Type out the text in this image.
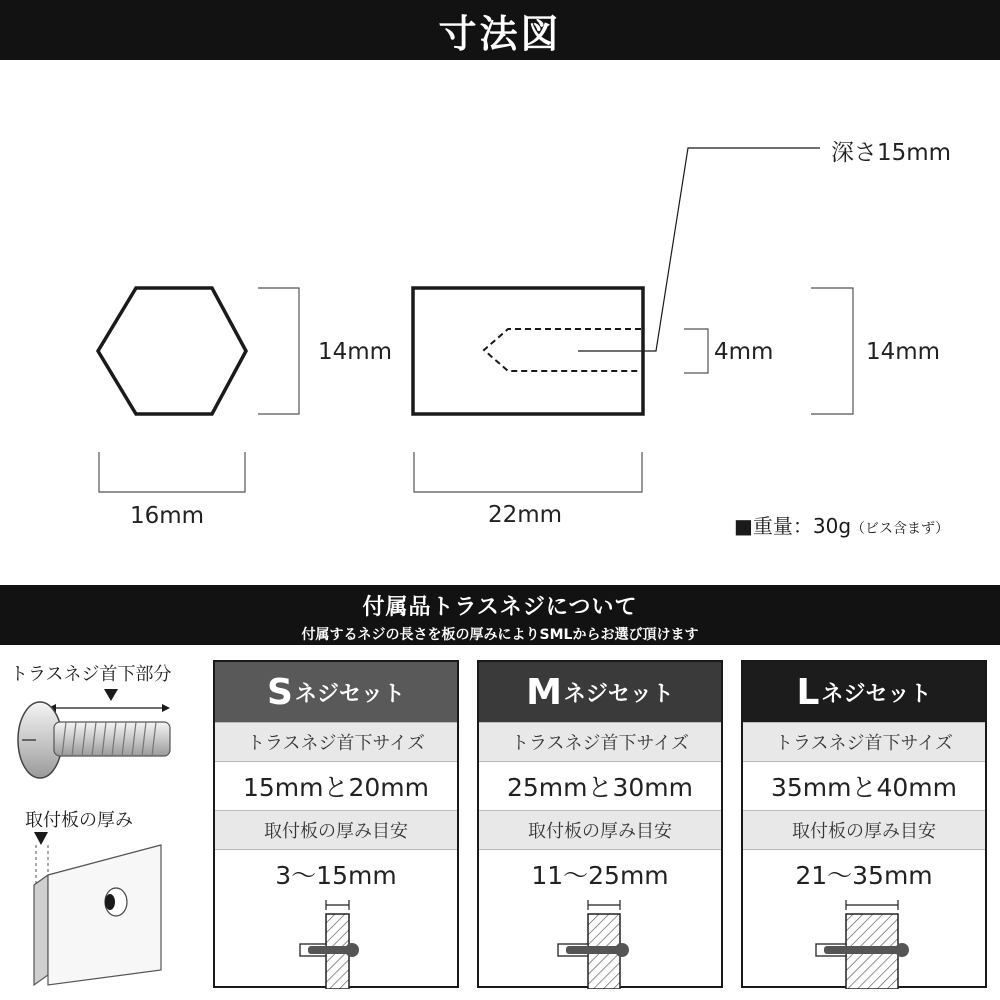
寸法図
深さ15mm
14mm
16mm
4mm	14mm
22mm	■重量：30g（ビス含まず）
付属品トラスネジについて
付属するネジの長さを板の厚みによりSMLからお選び頂けます
トラスネジ首下部分
取付板の厚み
S ネジセット
トラスネジ首下サイズ
15mmと20mm
取付板の厚み目安
3〜15mm
M ネジセット
トラスネジ首下サイズ
25mmと30mm
取付板の厚み目安
11〜25mm
L ネジセット
トラスネジ首下サイズ
35mmと40mm
取付板の厚み目安
21〜35mm
